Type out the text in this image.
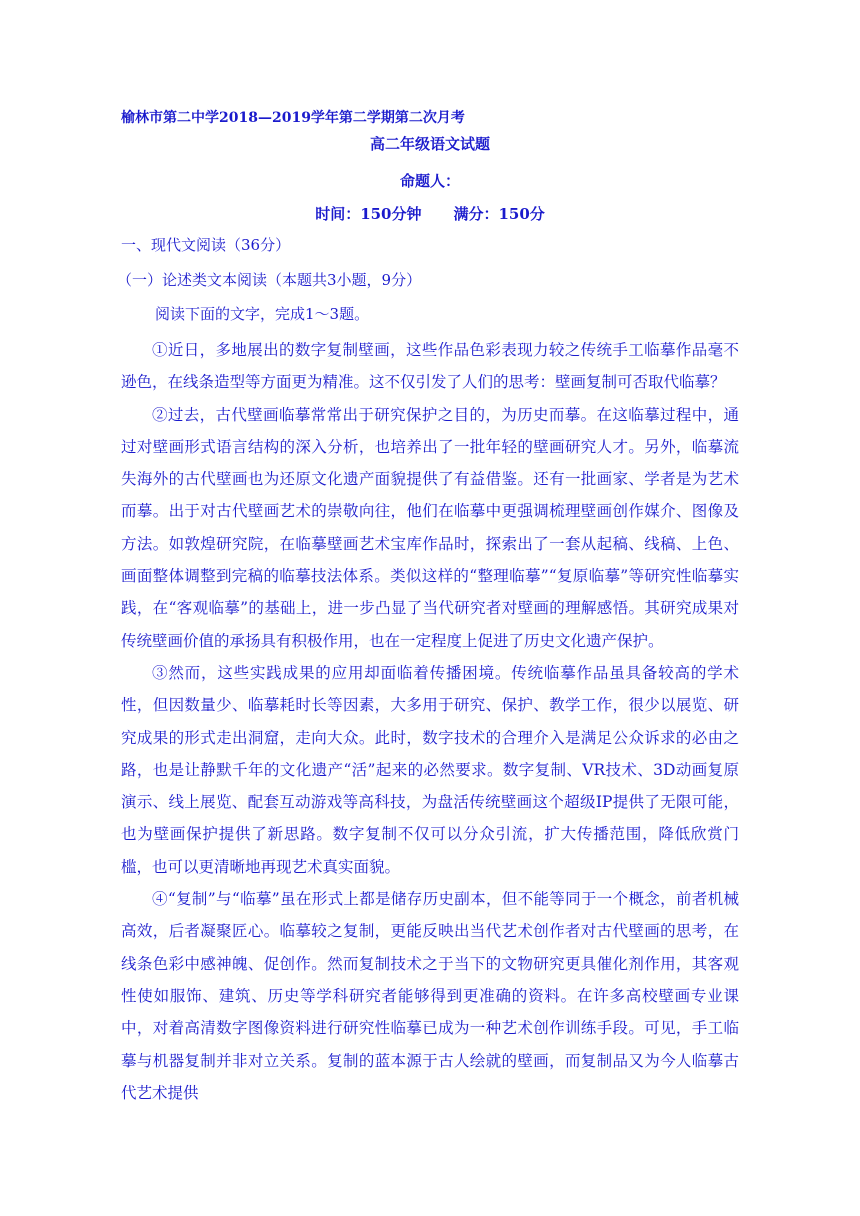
榆林市第二中学2018—2019学年第二学期第二次月考
高二年级语文试题
命题人：
时间：150分钟 满分：150分
一、现代文阅读（36分）
（一）论述类文本阅读（本题共3小题，9分）
阅读下面的文字，完成1～3题。

①近日，多地展出的数字复制壁画，这些作品色彩表现力较之传统手工临摹作品毫不逊色，在线条造型等方面更为精准。这不仅引发了人们的思考：壁画复制可否取代临摹？

②过去，古代壁画临摹常常出于研究保护之目的，为历史而摹。在这临摹过程中，通过对壁画形式语言结构的深入分析，也培养出了一批年轻的壁画研究人才。另外，临摹流失海外的古代壁画也为还原文化遗产面貌提供了有益借鉴。还有一批画家、学者是为艺术而摹。出于对古代壁画艺术的崇敬向往，他们在临摹中更强调梳理壁画创作媒介、图像及方法。如敦煌研究院，在临摹壁画艺术宝库作品时，探索出了一套从起稿、线稿、上色、画面整体调整到完稿的临摹技法体系。类似这样的“整理临摹”“复原临摹”等研究性临摹实践，在“客观临摹”的基础上，进一步凸显了当代研究者对壁画的理解感悟。其研究成果对传统壁画价值的承扬具有积极作用，也在一定程度上促进了历史文化遗产保护。

③然而，这些实践成果的应用却面临着传播困境。传统临摹作品虽具备较高的学术性，但因数量少、临摹耗时长等因素，大多用于研究、保护、教学工作，很少以展览、研究成果的形式走出洞窟，走向大众。此时，数字技术的合理介入是满足公众诉求的必由之路，也是让静默千年的文化遗产“活”起来的必然要求。数字复制、VR技术、3D动画复原演示、线上展览、配套互动游戏等高科技，为盘活传统壁画这个超级IP提供了无限可能，也为壁画保护提供了新思路。数字复制不仅可以分众引流，扩大传播范围，降低欣赏门槛，也可以更清晰地再现艺术真实面貌。

④“复制”与“临摹”虽在形式上都是储存历史副本，但不能等同于一个概念，前者机械高效，后者凝聚匠心。临摹较之复制，更能反映出当代艺术创作者对古代壁画的思考，在线条色彩中感神魄、促创作。然而复制技术之于当下的文物研究更具催化剂作用，其客观性使如服饰、建筑、历史等学科研究者能够得到更准确的资料。在许多高校壁画专业课中，对着高清数字图像资料进行研究性临摹已成为一种艺术创作训练手段。可见，手工临摹与机器复制并非对立关系。复制的蓝本源于古人绘就的壁画，而复制品又为今人临摹古代艺术提供
